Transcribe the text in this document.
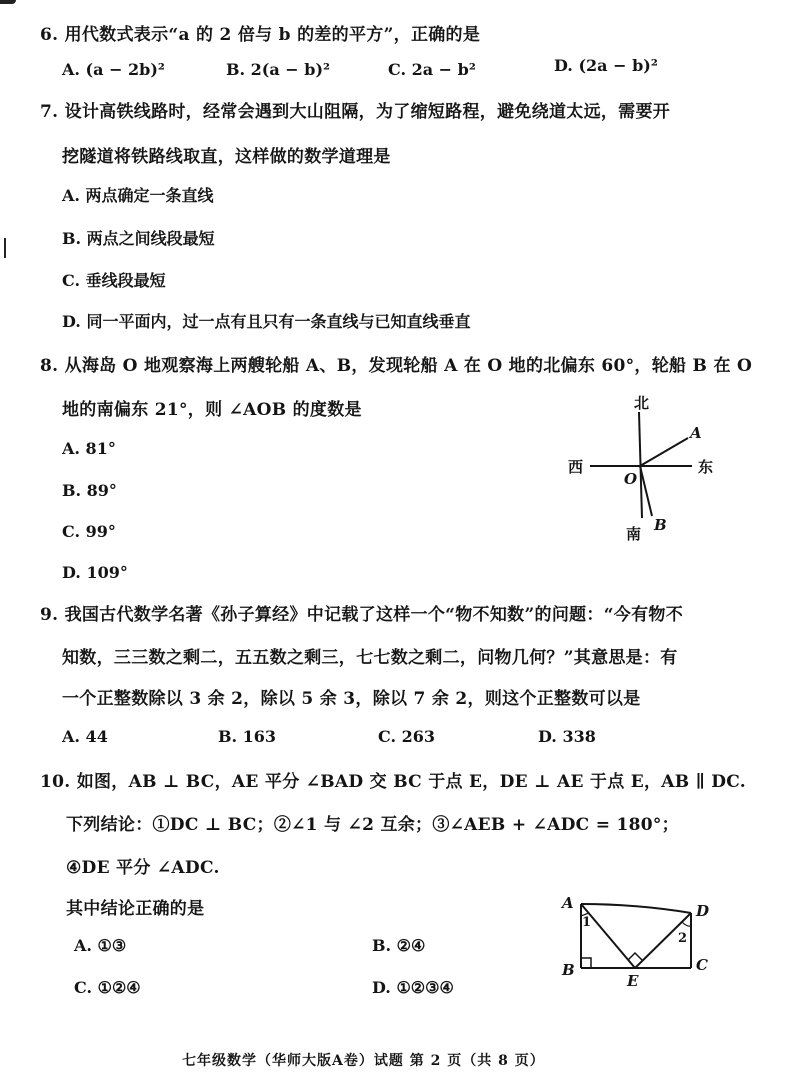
6. 用代数式表示“a 的 2 倍与 b 的差的平方”，正确的是
A. (a − 2b)²	B. 2(a − b)²	C. 2a − b²	D. (2a − b)²
7. 设计高铁线路时，经常会遇到大山阻隔，为了缩短路程，避免绕道太远，需要开
挖隧道将铁路线取直，这样做的数学道理是
A. 两点确定一条直线
B. 两点之间线段最短
C. 垂线段最短
D. 同一平面内，过一点有且只有一条直线与已知直线垂直
8. 从海岛 O 地观察海上两艘轮船 A、B，发现轮船 A 在 O 地的北偏东 60°，轮船 B 在 O
地的南偏东 21°，则 ∠AOB 的度数是
A. 81°
B. 89°
C. 99°
D. 109°
北
南
西	东
A
B
O
9. 我国古代数学名著《孙子算经》中记载了这样一个“物不知数”的问题：“今有物不
知数，三三数之剩二，五五数之剩三，七七数之剩二，问物几何？”其意思是：有
一个正整数除以 3 余 2，除以 5 余 3，除以 7 余 2，则这个正整数可以是
A. 44	B. 163	C. 263	D. 338
10. 如图，AB ⊥ BC，AE 平分 ∠BAD 交 BC 于点 E，DE ⊥ AE 于点 E，AB ∥ DC.
下列结论：①DC ⊥ BC；②∠1 与 ∠2 互余；③∠AEB + ∠ADC = 180°；
④DE 平分 ∠ADC.
其中结论正确的是
A. ①③	B. ②④
C. ①②④	D. ①②③④
A
B	C
D
E
1
2
七年级数学（华师大版A卷）试题 第 2 页（共 8 页）
